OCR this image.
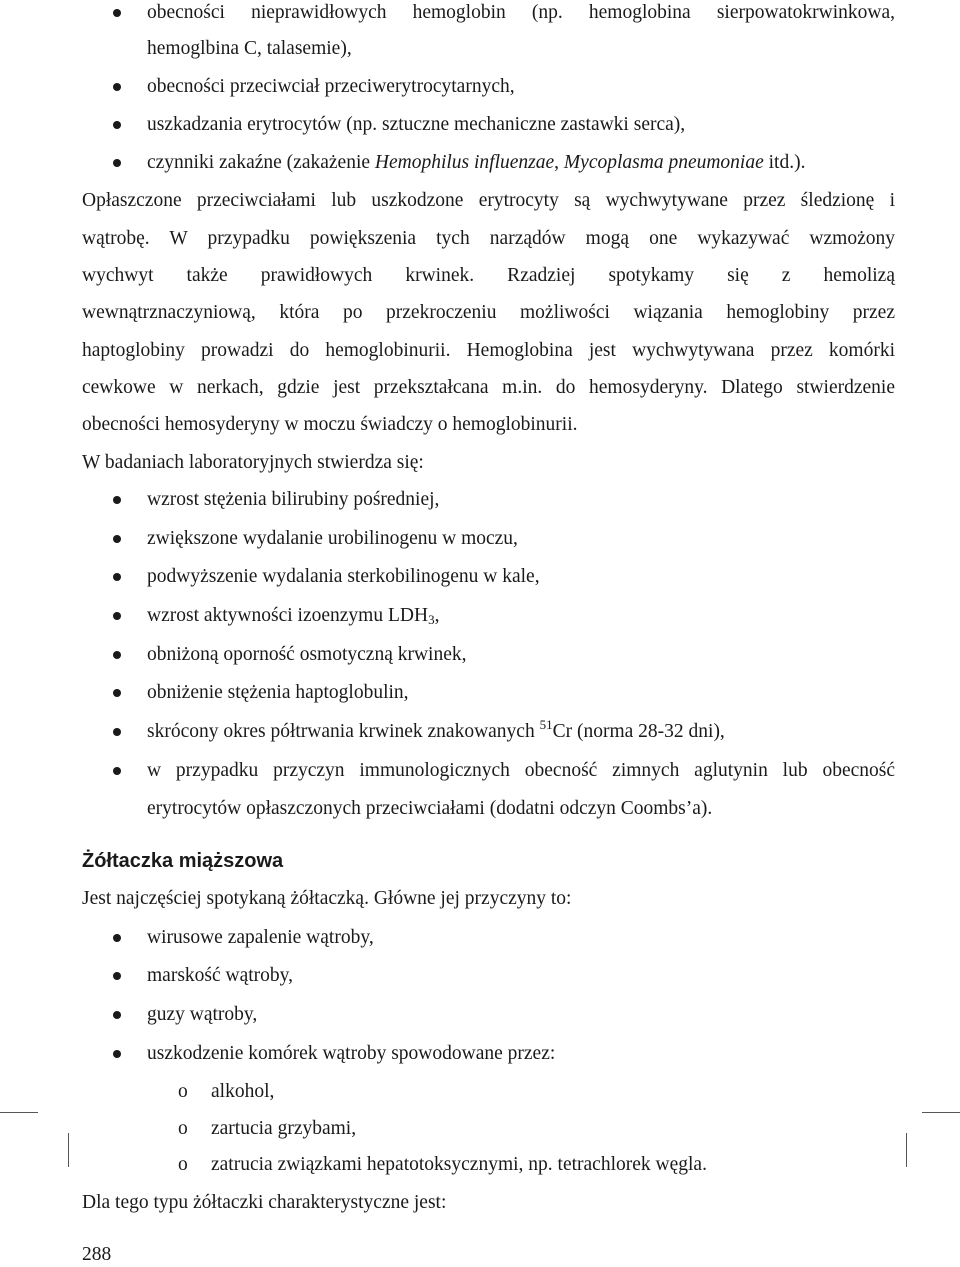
obecności nieprawidłowych hemoglobin (np. hemoglobina sierpowatokrwinkowa,
hemoglbina C, talasemie),
obecności przeciwciał przeciwerytrocytarnych,
uszkadzania erytrocytów (np. sztuczne mechaniczne zastawki serca),
czynniki zakaźne (zakażenie Hemophilus influenzae, Mycoplasma pneumoniae itd.).
Opłaszczone przeciwciałami lub uszkodzone erytrocyty są wychwytywane przez śledzionę i
wątrobę. W przypadku powiększenia tych narządów mogą one wykazywać wzmożony
wychwyt także prawidłowych krwinek. Rzadziej spotykamy się z hemolizą
wewnątrznaczyniową, która po przekroczeniu możliwości wiązania hemoglobiny przez
haptoglobiny prowadzi do hemoglobinurii. Hemoglobina jest wychwytywana przez komórki
cewkowe w nerkach, gdzie jest przekształcana m.in. do hemosyderyny. Dlatego stwierdzenie
obecności hemosyderyny w moczu świadczy o hemoglobinurii.
W badaniach laboratoryjnych stwierdza się:
wzrost stężenia bilirubiny pośredniej,
zwiększone wydalanie urobilinogenu w moczu,
podwyższenie wydalania sterkobilinogenu w kale,
wzrost aktywności izoenzymu $LDH_3$,
obniżoną oporność osmotyczną krwinek,
obniżenie stężenia haptoglobulin,
skrócony okres półtrwania krwinek znakowanych $^{51}$Cr (norma 28-32 dni),
w przypadku przyczyn immunologicznych obecność zimnych aglutynin lub obecność
erytrocytów opłaszczonych przeciwciałami (dodatni odczyn Coombs’a).
Żółtaczka miąższowa
Jest najczęściej spotykaną żółtaczką. Główne jej przyczyny to:
wirusowe zapalenie wątroby,
marskość wątroby,
guzy wątroby,
uszkodzenie komórek wątroby spowodowane przez:
o alkohol,
o zartucia grzybami,
o zatrucia związkami hepatotoksycznymi, np. tetrachlorek węgla.
Dla tego typu żółtaczki charakterystyczne jest:
288
